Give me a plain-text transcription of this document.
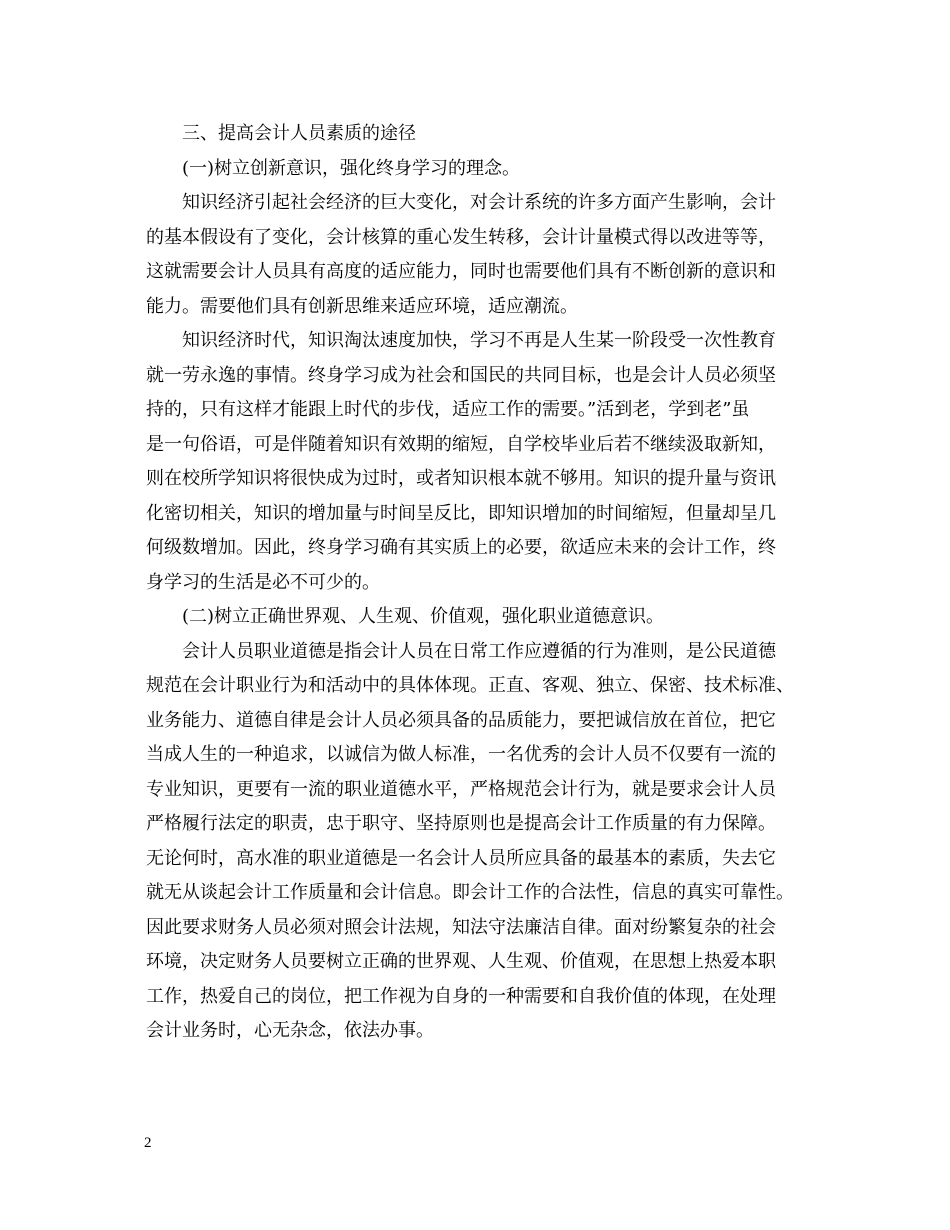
三、提高会计人员素质的途径
(一)树立创新意识，强化终身学习的理念。
知识经济引起社会经济的巨大变化，对会计系统的许多方面产生影响，会计
的基本假设有了变化，会计核算的重心发生转移，会计计量模式得以改进等等，
这就需要会计人员具有高度的适应能力，同时也需要他们具有不断创新的意识和
能力。需要他们具有创新思维来适应环境，适应潮流。
知识经济时代，知识淘汰速度加快，学习不再是人生某一阶段受一次性教育
就一劳永逸的事情。终身学习成为社会和国民的共同目标，也是会计人员必须坚
持的，只有这样才能跟上时代的步伐，适应工作的需要。”活到老，学到老”虽
是一句俗语，可是伴随着知识有效期的缩短，自学校毕业后若不继续汲取新知，
则在校所学知识将很快成为过时，或者知识根本就不够用。知识的提升量与资讯
化密切相关，知识的增加量与时间呈反比，即知识增加的时间缩短，但量却呈几
何级数增加。因此，终身学习确有其实质上的必要，欲适应未来的会计工作，终
身学习的生活是必不可少的。
(二)树立正确世界观、人生观、价值观，强化职业道德意识。
会计人员职业道德是指会计人员在日常工作应遵循的行为准则，是公民道德
规范在会计职业行为和活动中的具体体现。正直、客观、独立、保密、技术标准、
业务能力、道德自律是会计人员必须具备的品质能力，要把诚信放在首位，把它
当成人生的一种追求，以诚信为做人标准，一名优秀的会计人员不仅要有一流的
专业知识，更要有一流的职业道德水平，严格规范会计行为，就是要求会计人员
严格履行法定的职责，忠于职守、坚持原则也是提高会计工作质量的有力保障。
无论何时，高水准的职业道德是一名会计人员所应具备的最基本的素质，失去它
就无从谈起会计工作质量和会计信息。即会计工作的合法性，信息的真实可靠性。
因此要求财务人员必须对照会计法规，知法守法廉洁自律。面对纷繁复杂的社会
环境，决定财务人员要树立正确的世界观、人生观、价值观，在思想上热爱本职
工作，热爱自己的岗位，把工作视为自身的一种需要和自我价值的体现，在处理
会计业务时，心无杂念，依法办事。
2
